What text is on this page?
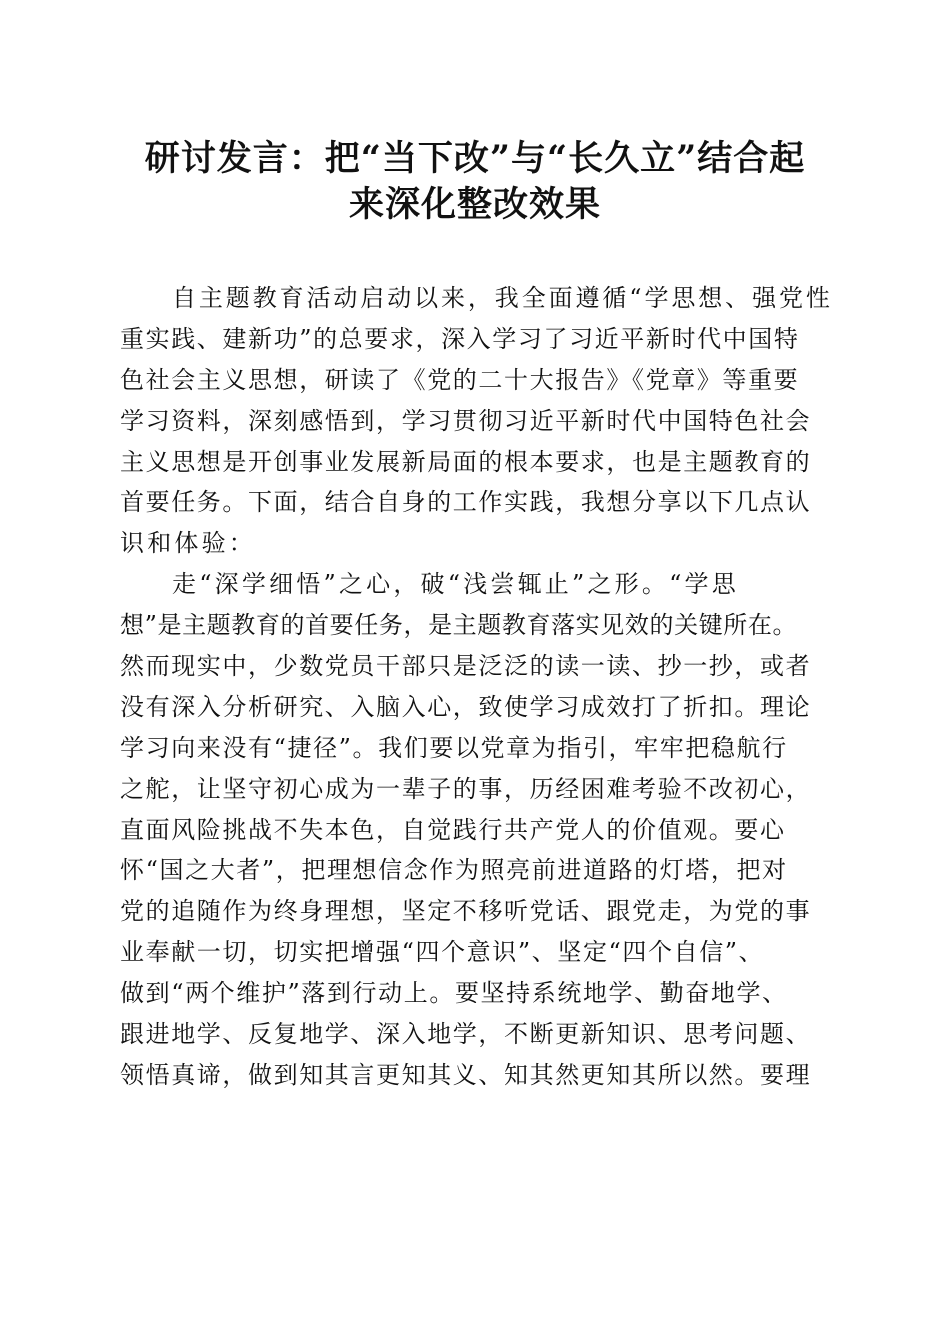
研讨发言：把“当下改”与“长久立”结合起
来深化整改效果
自主题教育活动启动以来，我全面遵循“学思想、强党性
重实践、建新功”的总要求，深入学习了习近平新时代中国特
色社会主义思想，研读了《党的二十大报告》《党章》等重要
学习资料，深刻感悟到，学习贯彻习近平新时代中国特色社会
主义思想是开创事业发展新局面的根本要求，也是主题教育的
首要任务。下面，结合自身的工作实践，我想分享以下几点认
识和体验：
走“深学细悟”之心，破“浅尝辄止”之形。“学思
想”是主题教育的首要任务，是主题教育落实见效的关键所在。
然而现实中，少数党员干部只是泛泛的读一读、抄一抄，或者
没有深入分析研究、入脑入心，致使学习成效打了折扣。理论
学习向来没有“捷径”。我们要以党章为指引，牢牢把稳航行
之舵，让坚守初心成为一辈子的事，历经困难考验不改初心，
直面风险挑战不失本色，自觉践行共产党人的价值观。要心
怀“国之大者”，把理想信念作为照亮前进道路的灯塔，把对
党的追随作为终身理想，坚定不移听党话、跟党走，为党的事
业奉献一切，切实把增强“四个意识”、坚定“四个自信”、
做到“两个维护”落到行动上。要坚持系统地学、勤奋地学、
跟进地学、反复地学、深入地学，不断更新知识、思考问题、
领悟真谛，做到知其言更知其义、知其然更知其所以然。要理
